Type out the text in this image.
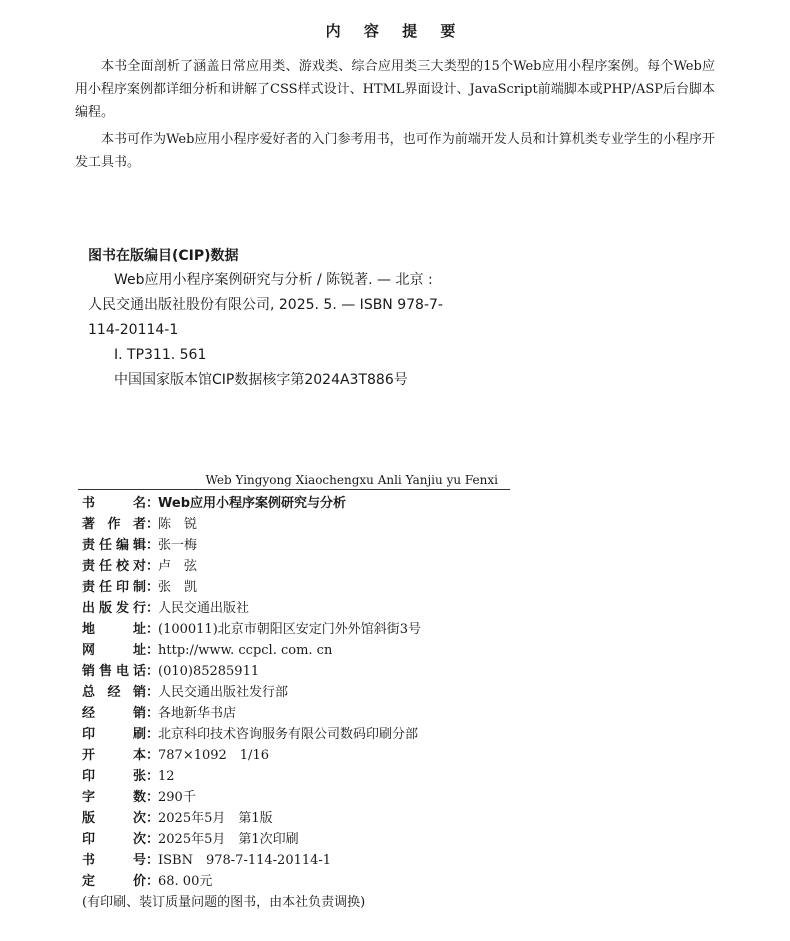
内 容 提 要

本书全面剖析了涵盖日常应用类、游戏类、综合应用类三大类型的15个Web应用小程序案例。每个Web应用小程序案例都详细分析和讲解了CSS样式设计、HTML界面设计、JavaScript前端脚本或PHP/ASP后台脚本编程。

本书可作为Web应用小程序爱好者的入门参考用书，也可作为前端开发人员和计算机类专业学生的小程序开发工具书。

图书在版编目(CIP)数据
Web应用小程序案例研究与分析 / 陈锐著. — 北京 :
人民交通出版社股份有限公司, 2025. 5. — ISBN 978-7-
114-20114-1
Ⅰ. TP311. 561
中国国家版本馆CIP数据核字第2024A3T886号
Web Yingyong Xiaochengxu Anli Yanjiu yu Fenxi
书名 ：
Web应用小程序案例研究与分析
著作者 ：
陈　锐
责任编辑 ：
张一梅
责任校对 ：
卢　弦
责任印制 ：
张　凯
出版发行 ：
人民交通出版社
地址 ：
(100011)北京市朝阳区安定门外外馆斜街3号
网址 ：
http://www. ccpcl. com. cn
销售电话 ：
(010)85285911
总经销 ：
人民交通出版社发行部
经销 ：
各地新华书店
印刷 ：
北京科印技术咨询服务有限公司数码印刷分部
开本 ：
787×1092　1/16
印张 ：
12
字数 ：
290千
版次 ：
2025年5月　第1版
印次 ：
2025年5月　第1次印刷
书号 ：
ISBN　978-7-114-20114-1
定价 ：
68. 00元
(有印刷、装订质量问题的图书，由本社负责调换)
